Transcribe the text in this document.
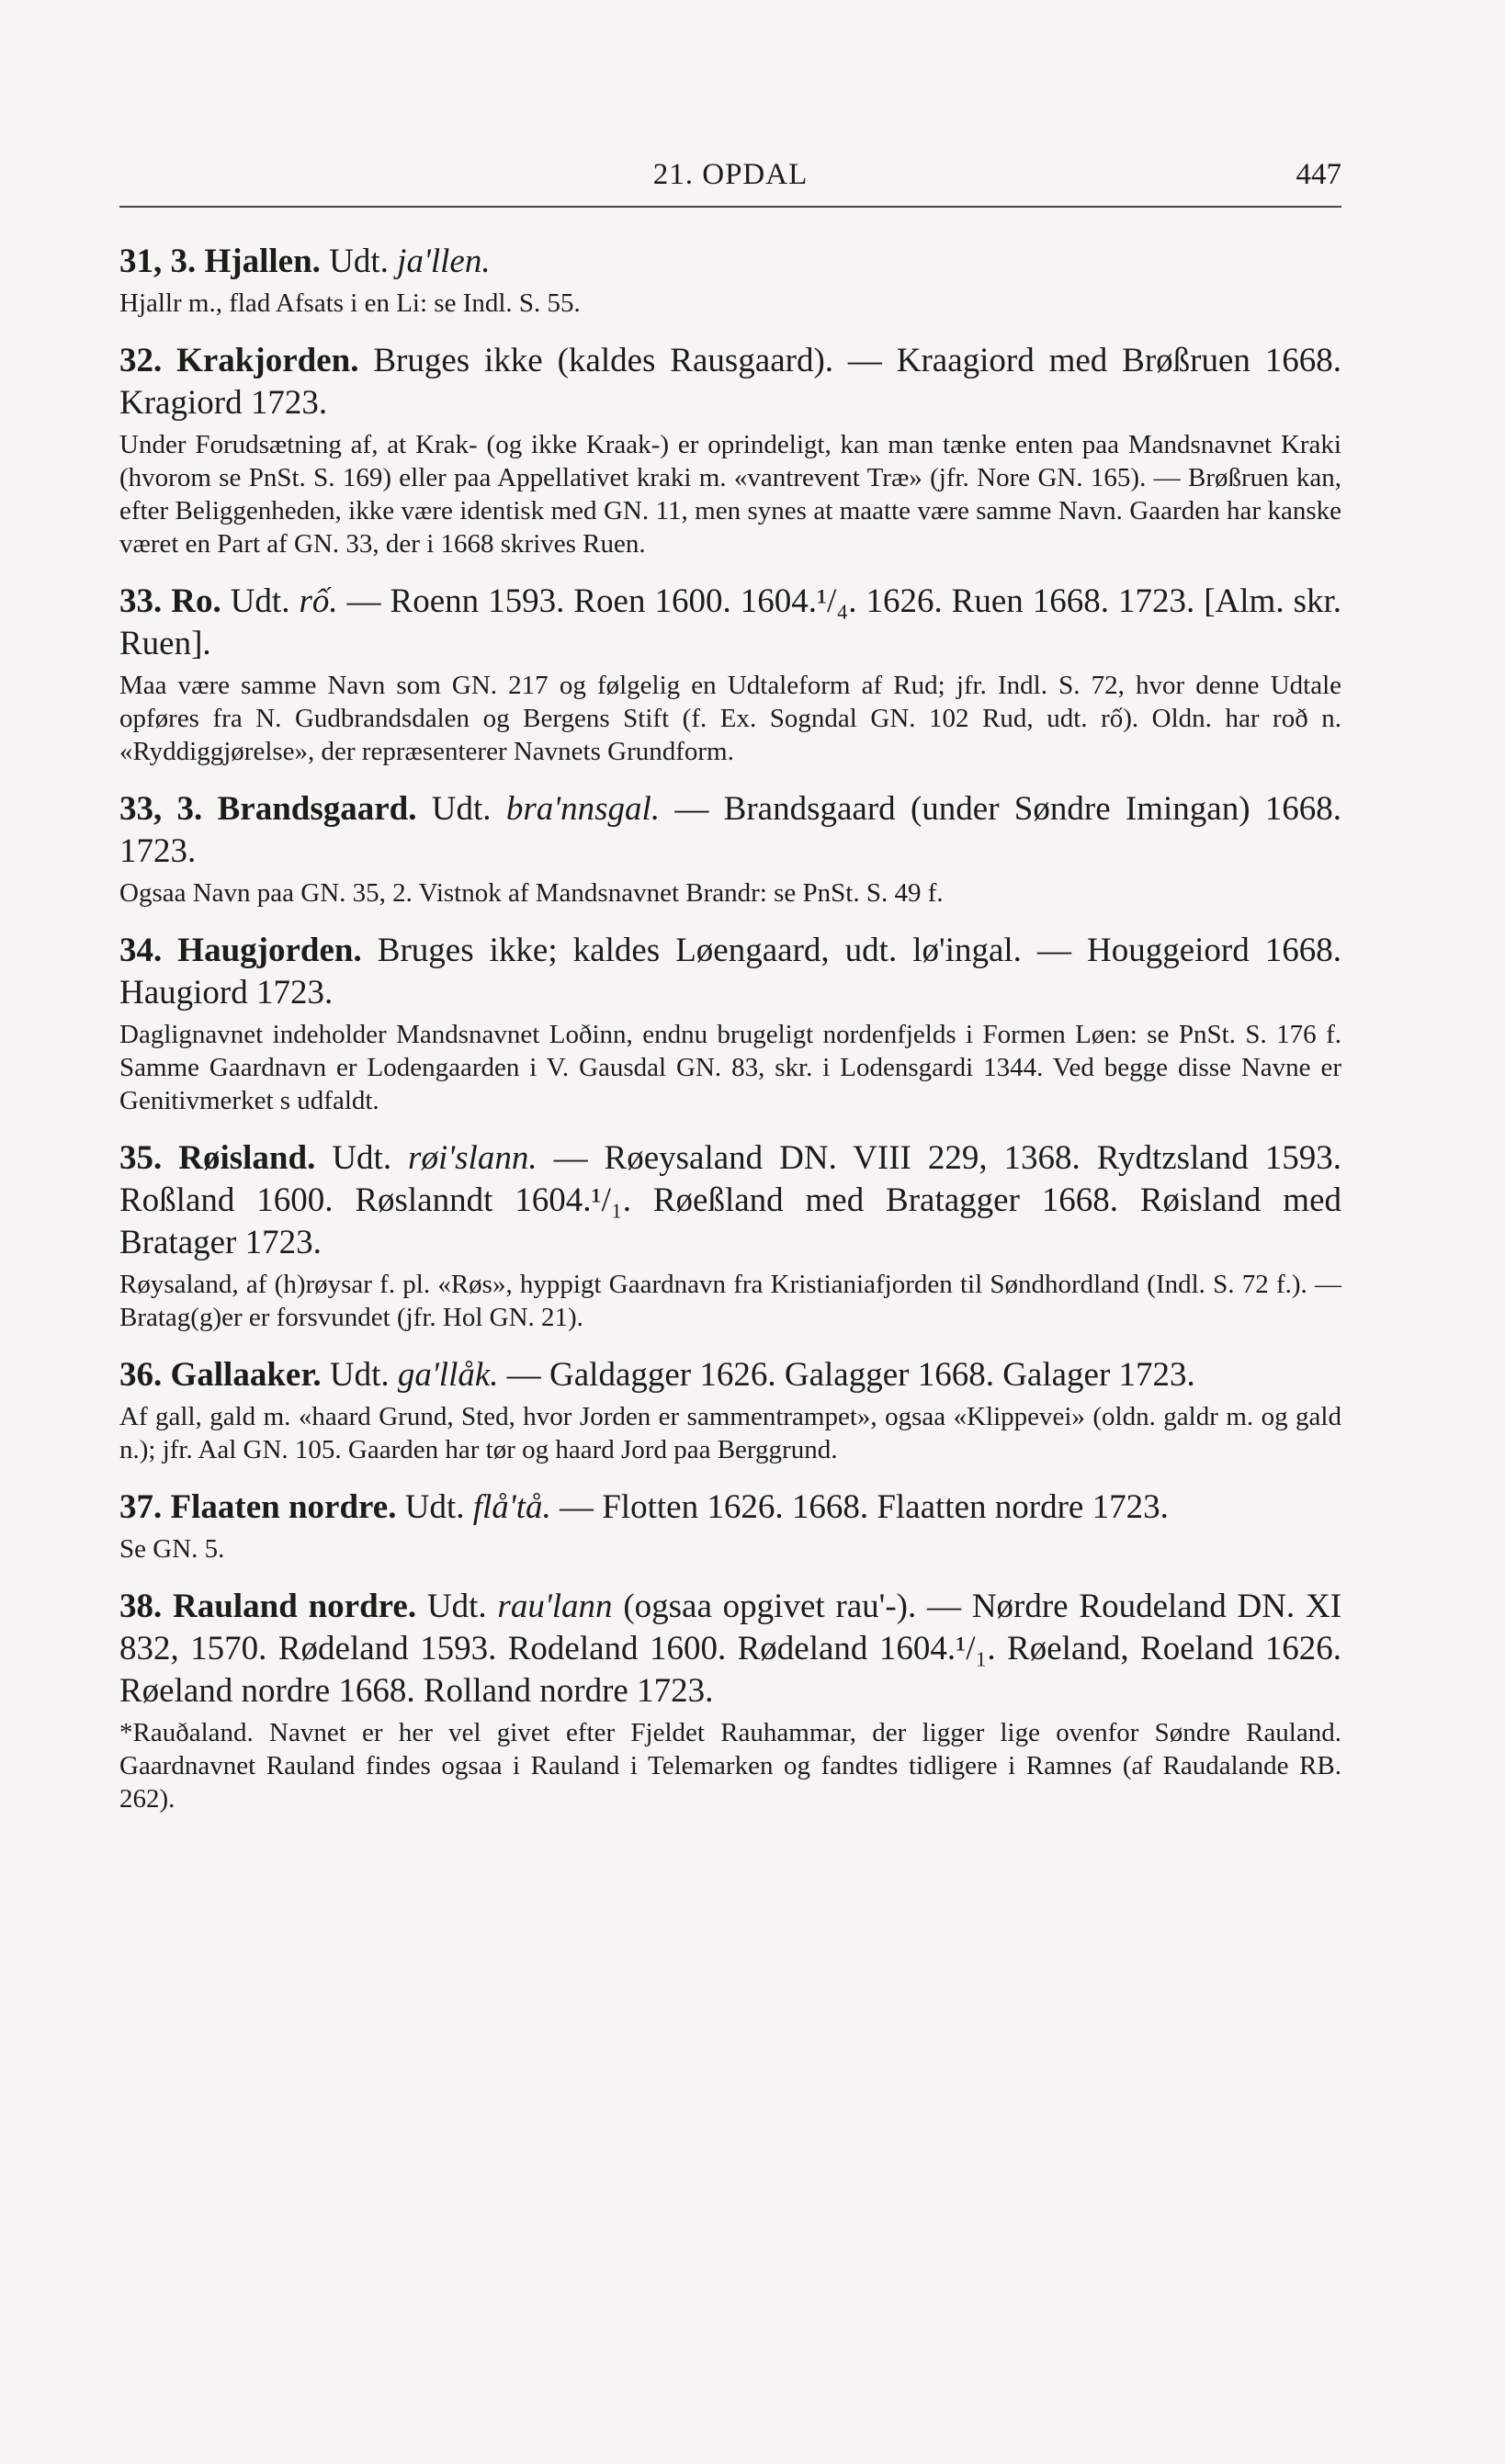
21. OPDAL	447

31, 3. Hjallen. Udt. ja'llen.

Hjallr m., flad Afsats i en Li: se Indl. S. 55.

32. Krakjorden. Bruges ikke (kaldes Rausgaard). — Kraagiord med Brøßruen 1668. Kragiord 1723.

Under Forudsætning af, at Krak- (og ikke Kraak-) er oprindeligt, kan man tænke enten paa Mandsnavnet Kraki (hvorom se PnSt. S. 169) eller paa Appellativet kraki m. «vantrevent Træ» (jfr. Nore GN. 165). — Brøßruen kan, efter Beliggenheden, ikke være identisk med GN. 11, men synes at maatte være samme Navn. Gaarden har kanske været en Part af GN. 33, der i 1668 skrives Ruen.

33. Ro. Udt. rố. — Roenn 1593. Roen 1600. 1604.¹/₄. 1626. Ruen 1668. 1723. [Alm. skr. Ruen].

Maa være samme Navn som GN. 217 og følgelig en Udtaleform af Rud; jfr. Indl. S. 72, hvor denne Udtale opføres fra N. Gudbrandsdalen og Bergens Stift (f. Ex. Sogndal GN. 102 Rud, udt. rố). Oldn. har roð n. «Ryddiggjørelse», der repræsenterer Navnets Grundform.

33, 3. Brandsgaard. Udt. bra'nnsgal. — Brandsgaard (under Søndre Imingan) 1668. 1723.

Ogsaa Navn paa GN. 35, 2. Vistnok af Mandsnavnet Brandr: se PnSt. S. 49 f.

34. Haugjorden. Bruges ikke; kaldes Løengaard, udt. lø'ingal. — Houggeiord 1668. Haugiord 1723.

Daglignavnet indeholder Mandsnavnet Loðinn, endnu brugeligt nordenfjelds i Formen Løen: se PnSt. S. 176 f. Samme Gaardnavn er Lodengaarden i V. Gausdal GN. 83, skr. i Lodensgardi 1344. Ved begge disse Navne er Genitivmerket s udfaldt.

35. Røisland. Udt. røi'slann. — Røeysaland DN. VIII 229, 1368. Rydtzsland 1593. Roßland 1600. Røslanndt 1604.¹/₁. Røeßland med Bratagger 1668. Røisland med Bratager 1723.

Røysaland, af (h)røysar f. pl. «Røs», hyppigt Gaardnavn fra Kristianiafjorden til Søndhordland (Indl. S. 72 f.). — Bratag(g)er er forsvundet (jfr. Hol GN. 21).

36. Gallaaker. Udt. ga'llåk. — Galdagger 1626. Galagger 1668. Galager 1723.

Af gall, gald m. «haard Grund, Sted, hvor Jorden er sammentrampet», ogsaa «Klippevei» (oldn. galdr m. og gald n.); jfr. Aal GN. 105. Gaarden har tør og haard Jord paa Berggrund.

37. Flaaten nordre. Udt. flå'tå. — Flotten 1626. 1668. Flaatten nordre 1723.

Se GN. 5.

38. Rauland nordre. Udt. rau'lann (ogsaa opgivet rau'-). — Nørdre Roudeland DN. XI 832, 1570. Rødeland 1593. Rodeland 1600. Rødeland 1604.¹/₁. Røeland, Roeland 1626. Røeland nordre 1668. Rolland nordre 1723.

*Rauðaland. Navnet er her vel givet efter Fjeldet Rauhammar, der ligger lige ovenfor Søndre Rauland. Gaardnavnet Rauland findes ogsaa i Rauland i Telemarken og fandtes tidligere i Ramnes (af Raudalande RB. 262).
